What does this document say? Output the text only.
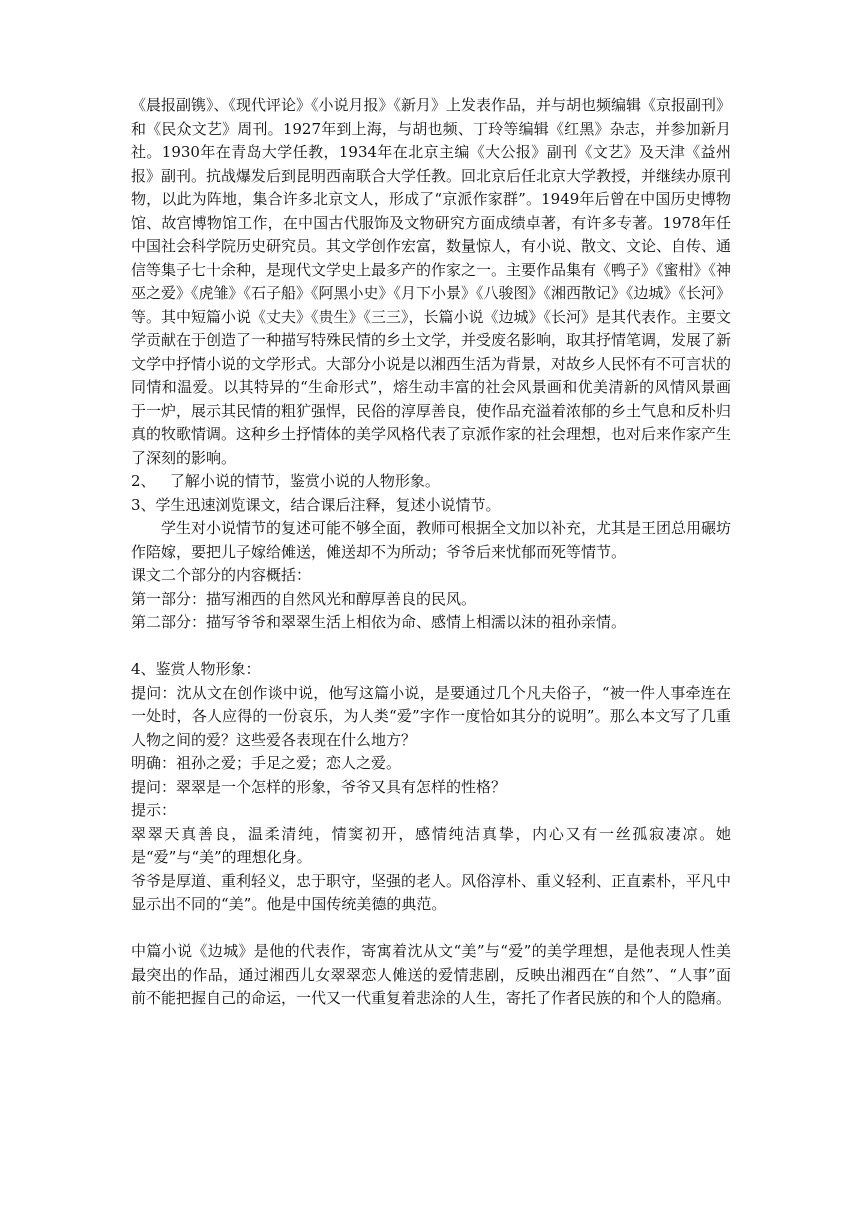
《晨报副镌》、《现代评论》《小说月报》《新月》上发表作品，并与胡也频编辑《京报副刊》和《民众文艺》周刊。1927年到上海，与胡也频、丁玲等编辑《红黑》杂志，并参加新月社。1930年在青岛大学任教，1934年在北京主编《大公报》副刊《文艺》及天津《益州报》副刊。抗战爆发后到昆明西南联合大学任教。回北京后任北京大学教授，并继续办原刊物，以此为阵地，集合许多北京文人，形成了“京派作家群”。1949年后曾在中国历史博物馆、故宫博物馆工作，在中国古代服饰及文物研究方面成绩卓著，有许多专著。1978年任中国社会科学院历史研究员。其文学创作宏富，数量惊人，有小说、散文、文论、自传、通信等集子七十余种，是现代文学史上最多产的作家之一。主要作品集有《鸭子》《蜜柑》《神巫之爱》《虎雏》《石子船》《阿黑小史》《月下小景》《八骏图》《湘西散记》《边城》《长河》等。其中短篇小说《丈夫》《贵生》《三三》，长篇小说《边城》《长河》是其代表作。主要文学贡献在于创造了一种描写特殊民情的乡土文学，并受废名影响，取其抒情笔调，发展了新文学中抒情小说的文学形式。大部分小说是以湘西生活为背景，对故乡人民怀有不可言状的同情和温爱。以其特异的“生命形式”，熔生动丰富的社会风景画和优美清新的风情风景画于一炉，展示其民情的粗犷强悍，民俗的淳厚善良，使作品充溢着浓郁的乡土气息和反朴归真的牧歌情调。这种乡土抒情体的美学风格代表了京派作家的社会理想，也对后来作家产生了深刻的影响。

2、   了解小说的情节，鉴赏小说的人物形象。

3、学生迅速浏览课文，结合课后注释，复述小说情节。

学生对小说情节的复述可能不够全面，教师可根据全文加以补充，尤其是王团总用碾坊作陪嫁，要把儿子嫁给傩送，傩送却不为所动；爷爷后来忧郁而死等情节。

课文二个部分的内容概括：

第一部分：描写湘西的自然风光和醇厚善良的民风。

第二部分：描写爷爷和翠翠生活上相依为命、感情上相濡以沫的祖孙亲情。

4、鉴赏人物形象：

提问：沈从文在创作谈中说，他写这篇小说，是要通过几个凡夫俗子，“被一件人事牵连在一处时，各人应得的一份哀乐，为人类“爱”字作一度恰如其分的说明”。那么本文写了几重人物之间的爱？这些爱各表现在什么地方？

明确：祖孙之爱；手足之爱；恋人之爱。

提问：翠翠是一个怎样的形象，爷爷又具有怎样的性格？

提示：

翠翠天真善良，温柔清纯，情窦初开，感情纯洁真挚，内心又有一丝孤寂凄凉。她是“爱”与“美”的理想化身。

爷爷是厚道、重利轻义，忠于职守，坚强的老人。风俗淳朴、重义轻利、正直素朴，平凡中显示出不同的“美”。他是中国传统美德的典范。

中篇小说《边城》是他的代表作，寄寓着沈从文“美”与“爱”的美学理想，是他表现人性美最突出的作品，通过湘西儿女翠翠恋人傩送的爱情悲剧，反映出湘西在“自然”、“人事”面前不能把握自己的命运，一代又一代重复着悲涂的人生，寄托了作者民族的和个人的隐痛。
